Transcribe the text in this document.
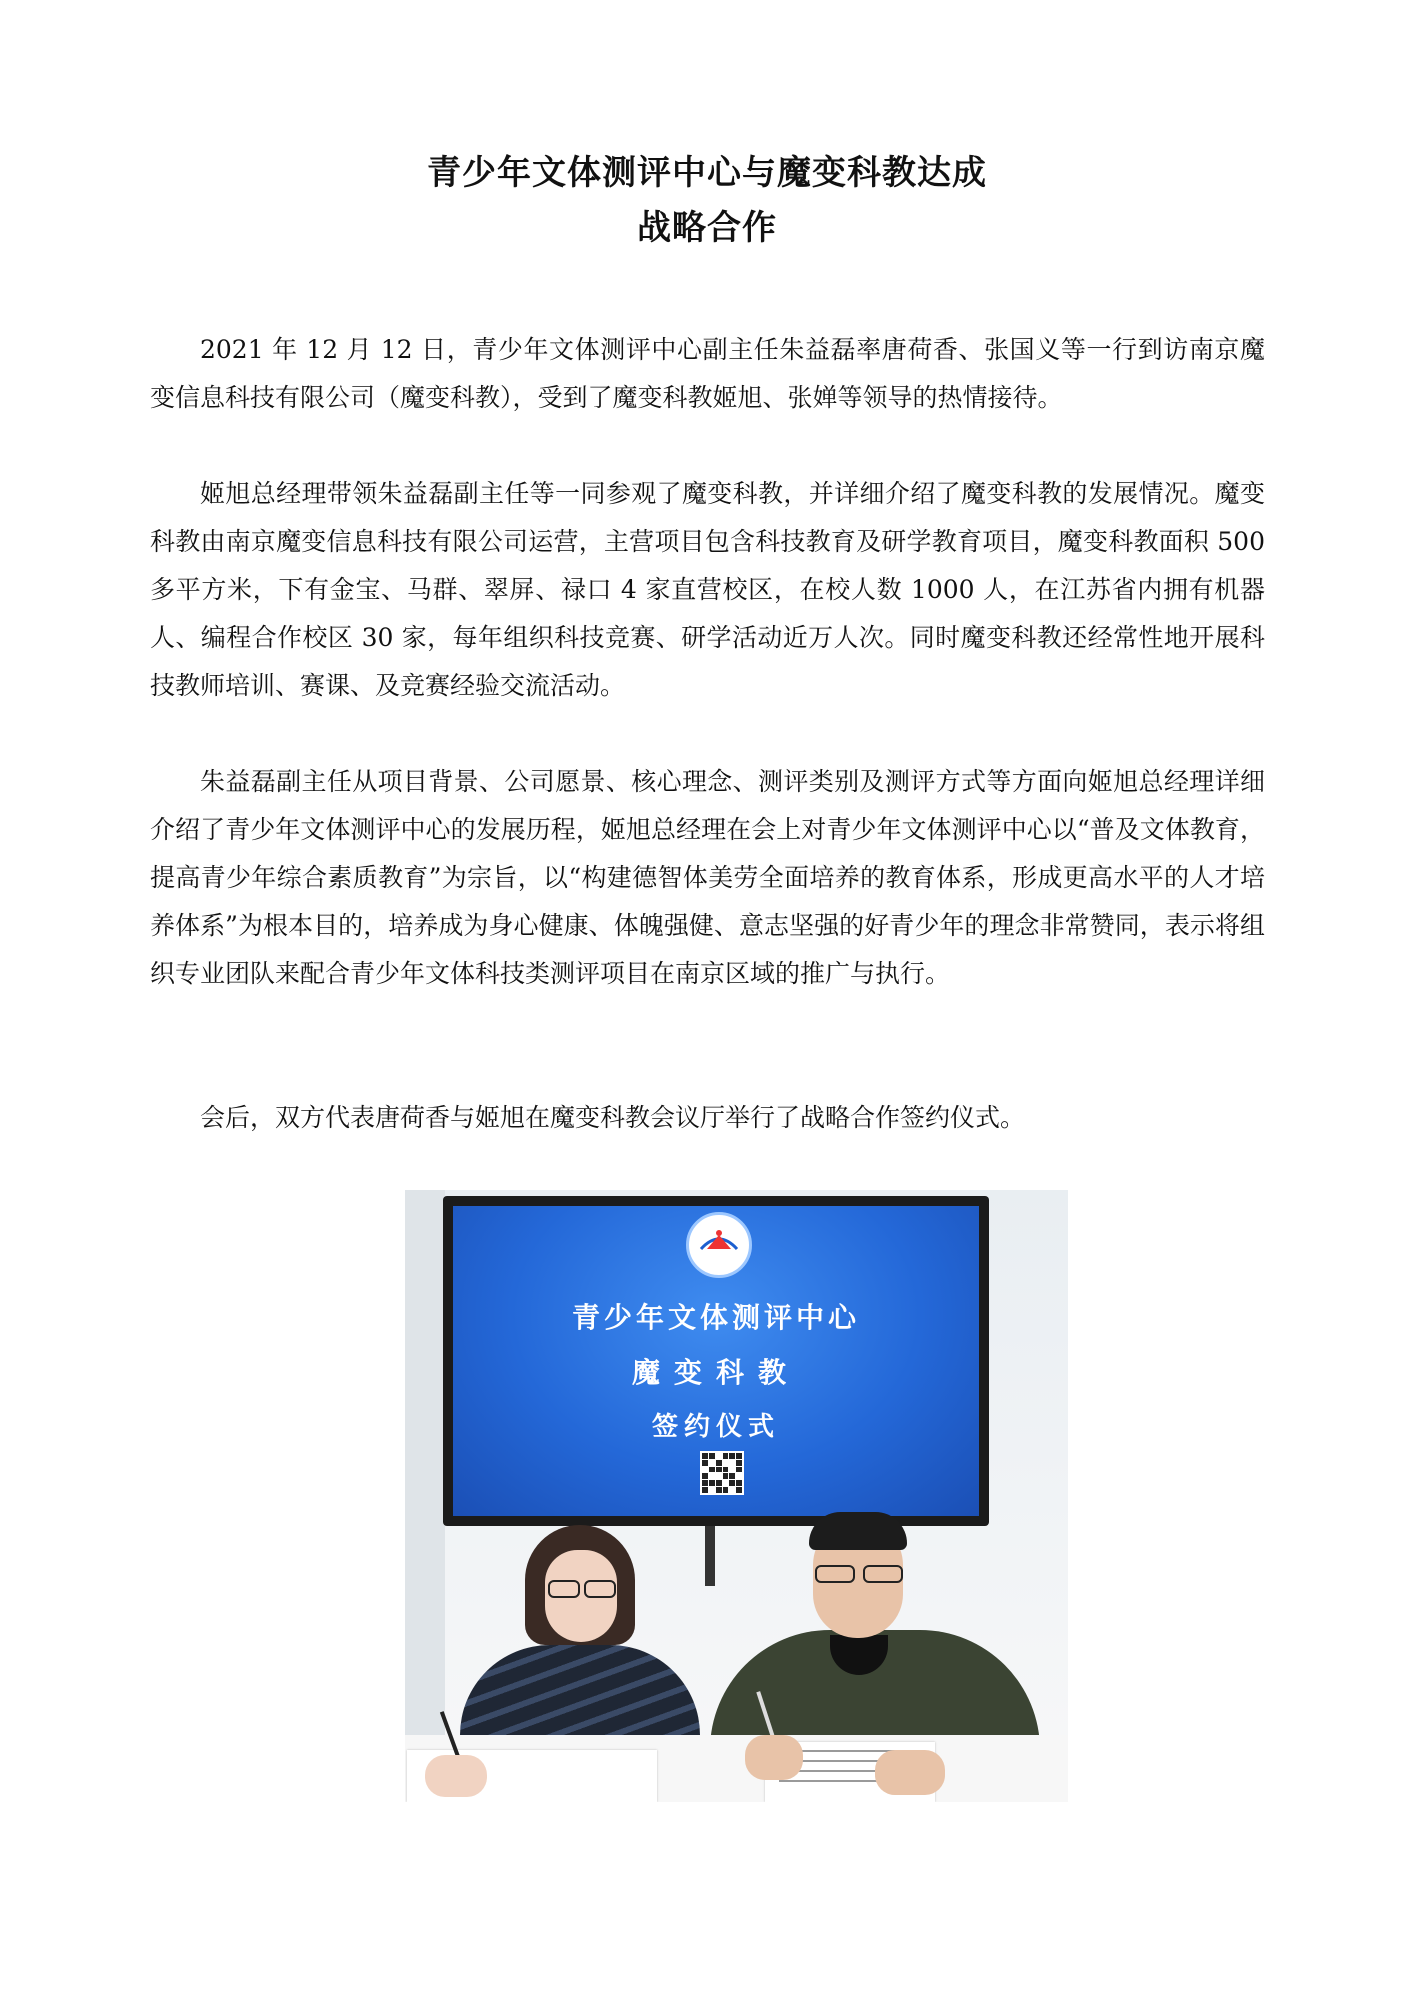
青少年文体测评中心与魔变科教达成
战略合作

2021 年 12 月 12 日，青少年文体测评中心副主任朱益磊率唐荷香、张国义等一行到访南京魔变信息科技有限公司（魔变科教），受到了魔变科教姬旭、张婵等领导的热情接待。

姬旭总经理带领朱益磊副主任等一同参观了魔变科教，并详细介绍了魔变科教的发展情况。魔变科教由南京魔变信息科技有限公司运营，主营项目包含科技教育及研学教育项目，魔变科教面积 500 多平方米，下有金宝、马群、翠屏、禄口 4 家直营校区，在校人数 1000 人，在江苏省内拥有机器人、编程合作校区 30 家，每年组织科技竞赛、研学活动近万人次。同时魔变科教还经常性地开展科技教师培训、赛课、及竞赛经验交流活动。

朱益磊副主任从项目背景、公司愿景、核心理念、测评类别及测评方式等方面向姬旭总经理详细介绍了青少年文体测评中心的发展历程，姬旭总经理在会上对青少年文体测评中心以“普及文体教育，提高青少年综合素质教育”为宗旨，以“构建德智体美劳全面培养的教育体系，形成更高水平的人才培养体系”为根本目的，培养成为身心健康、体魄强健、意志坚强的好青少年的理念非常赞同，表示将组织专业团队来配合青少年文体科技类测评项目在南京区域的推广与执行。

会后，双方代表唐荷香与姬旭在魔变科教会议厅举行了战略合作签约仪式。

青少年文体测评中心
魔变科教
签约仪式
